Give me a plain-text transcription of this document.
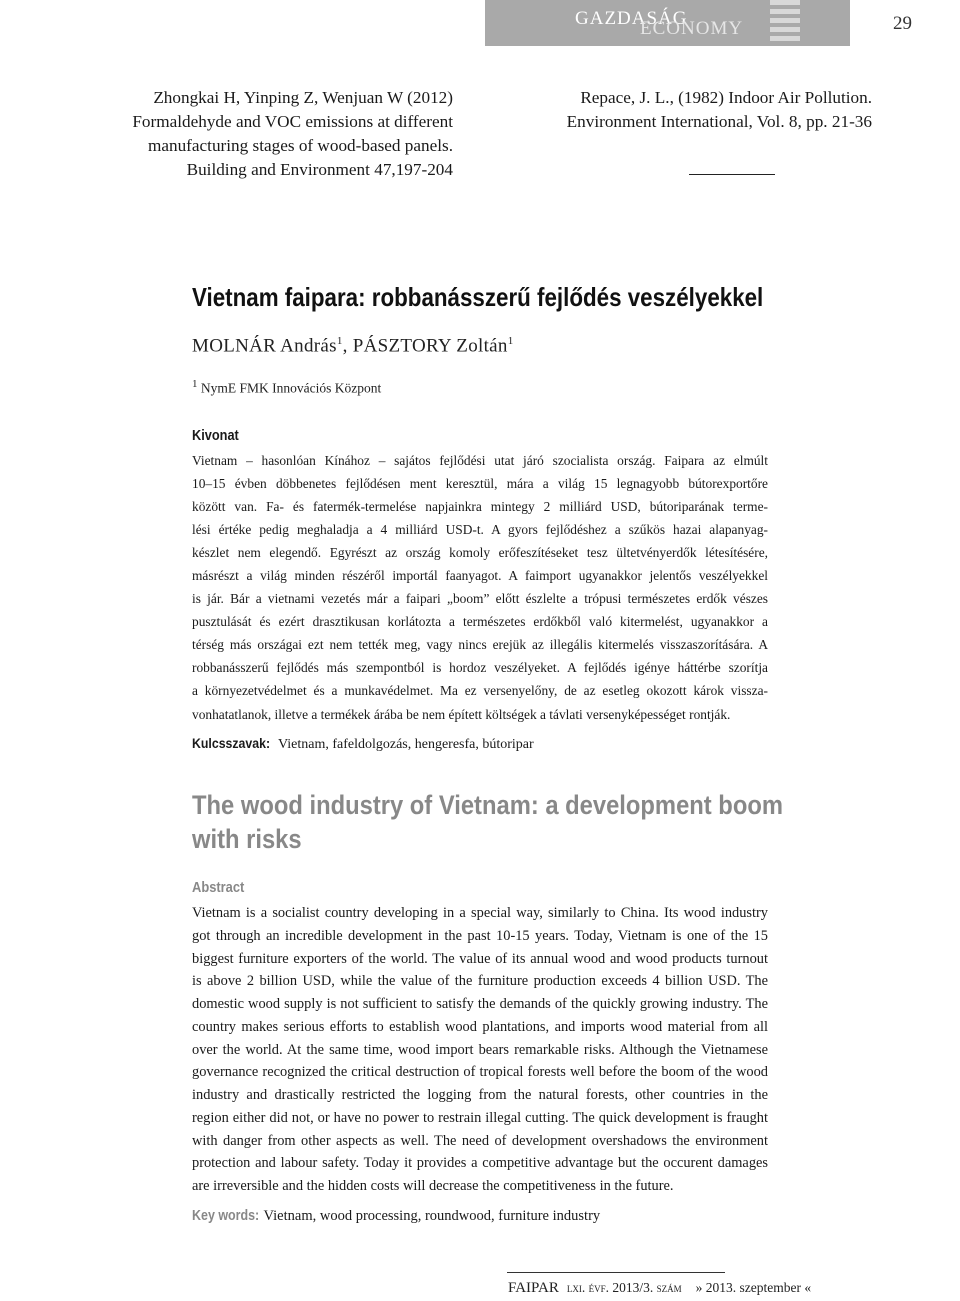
GAZDASÁG
ECONOMY	29
Zhongkai H, Yinping Z, Wenjuan W (2012)
Formaldehyde and VOC emissions at different
manufacturing stages of wood-based panels.
Building and Environment 47,197-204
Repace, J. L., (1982) Indoor Air Pollution.
Environment International, Vol. 8, pp. 21-36
Vietnam faipara: robbanásszerű fejlődés veszélyekkel
MOLNÁR András$^1$, PÁSZTORY Zoltán$^1$
$^1$ NymE FMK Innovációs Központ
Kivonat
Vietnam – hasonlóan Kínához – sajátos fejlődési utat járó szocialista ország. Faipara az elmúlt
10–15 évben döbbenetes fejlődésen ment keresztül, mára a világ 15 legnagyobb bútorexportőre
között van. Fa- és fatermék-termelése napjainkra mintegy 2 milliárd USD, bútoriparának terme-
lési értéke pedig meghaladja a 4 milliárd USD-t. A gyors fejlődéshez a szűkös hazai alapanyag-
készlet nem elegendő. Egyrészt az ország komoly erőfeszítéseket tesz ültetvényerdők létesítésére,
másrészt a világ minden részéről importál faanyagot. A faimport ugyanakkor jelentős veszélyekkel
is jár. Bár a vietnami vezetés már a faipari „boom” előtt észlelte a trópusi természetes erdők vészes
pusztulását és ezért drasztikusan korlátozta a természetes erdőkből való kitermelést, ugyanakkor a
térség más országai ezt nem tették meg, vagy nincs erejük az illegális kitermelés visszaszorítására. A
robbanásszerű fejlődés más szempontból is hordoz veszélyeket. A fejlődés igénye háttérbe szorítja
a környezetvédelmet és a munkavédelmet. Ma ez versenyelőny, de az esetleg okozott károk vissza-
vonhatatlanok, illetve a termékek árába be nem épített költségek a távlati versenyképességet rontják.
Kulcsszavak: Vietnam, fafeldolgozás, hengeresfa, bútoripar
The wood industry of Vietnam: a development boom
with risks
Abstract
Vietnam is a socialist country developing in a special way, similarly to China. Its wood industry
got through an incredible development in the past 10-15 years. Today, Vietnam is one of the 15
biggest furniture exporters of the world. The value of its annual wood and wood products turnout
is above 2 billion USD, while the value of the furniture production exceeds 4 billion USD. The
domestic wood supply is not sufficient to satisfy the demands of the quickly growing industry. The
country makes serious efforts to establish wood plantations, and imports wood material from all
over the world. At the same time, wood import bears remarkable risks. Although the Vietnamese
governance recognized the critical destruction of tropical forests well before the boom of the wood
industry and drastically restricted the logging from the natural forests, other countries in the
region either did not, or have no power to restrain illegal cutting. The quick development is fraught
with danger from other aspects as well. The need of development overshadows the environment
protection and labour safety. Today it provides a competitive advantage but the occurent damages
are irreversible and the hidden costs will decrease the competitiveness in the future.
Key words: Vietnam, wood processing, roundwood, furniture industry
FAIPAR lxi. évf. 2013/3. szám » 2013. szeptember «
